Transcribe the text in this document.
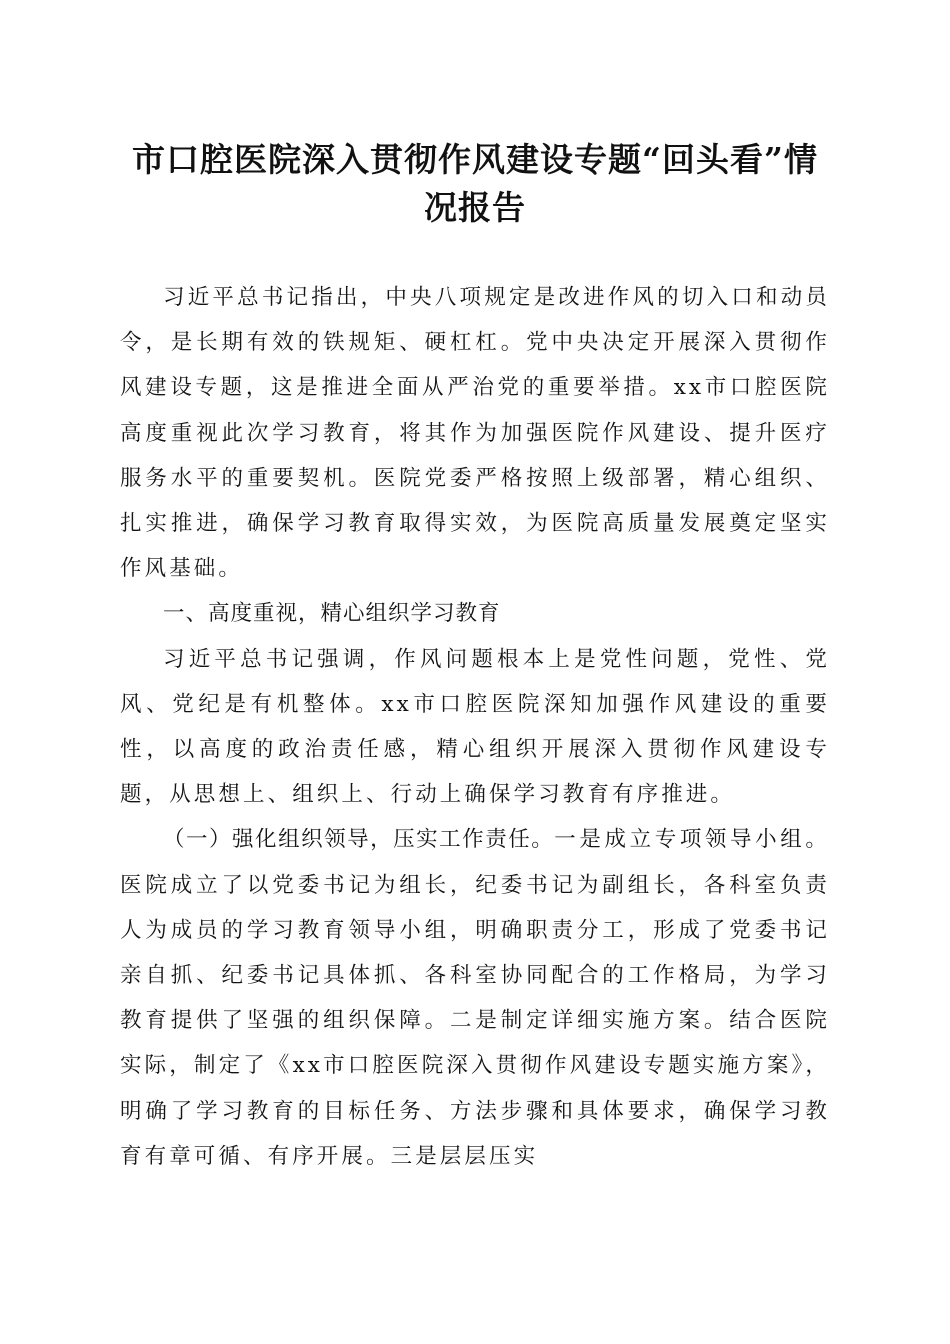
市口腔医院深入贯彻作风建设专题“回头看”情况报告

习近平总书记指出，中央八项规定是改进作风的切入口和动员令，是长期有效的铁规矩、硬杠杠。党中央决定开展深入贯彻作风建设专题，这是推进全面从严治党的重要举措。xx市口腔医院高度重视此次学习教育，将其作为加强医院作风建设、提升医疗服务水平的重要契机。医院党委严格按照上级部署，精心组织、扎实推进，确保学习教育取得实效，为医院高质量发展奠定坚实作风基础。

一、高度重视，精心组织学习教育

习近平总书记强调，作风问题根本上是党性问题，党性、党风、党纪是有机整体。xx市口腔医院深知加强作风建设的重要性，以高度的政治责任感，精心组织开展深入贯彻作风建设专题，从思想上、组织上、行动上确保学习教育有序推进。

（一）强化组织领导，压实工作责任。一是成立专项领导小组。医院成立了以党委书记为组长，纪委书记为副组长，各科室负责人为成员的学习教育领导小组，明确职责分工，形成了党委书记亲自抓、纪委书记具体抓、各科室协同配合的工作格局，为学习教育提供了坚强的组织保障。二是制定详细实施方案。结合医院实际，制定了《xx市口腔医院深入贯彻作风建设专题实施方案》，明确了学习教育的目标任务、方法步骤和具体要求，确保学习教育有章可循、有序开展。三是层层压实
